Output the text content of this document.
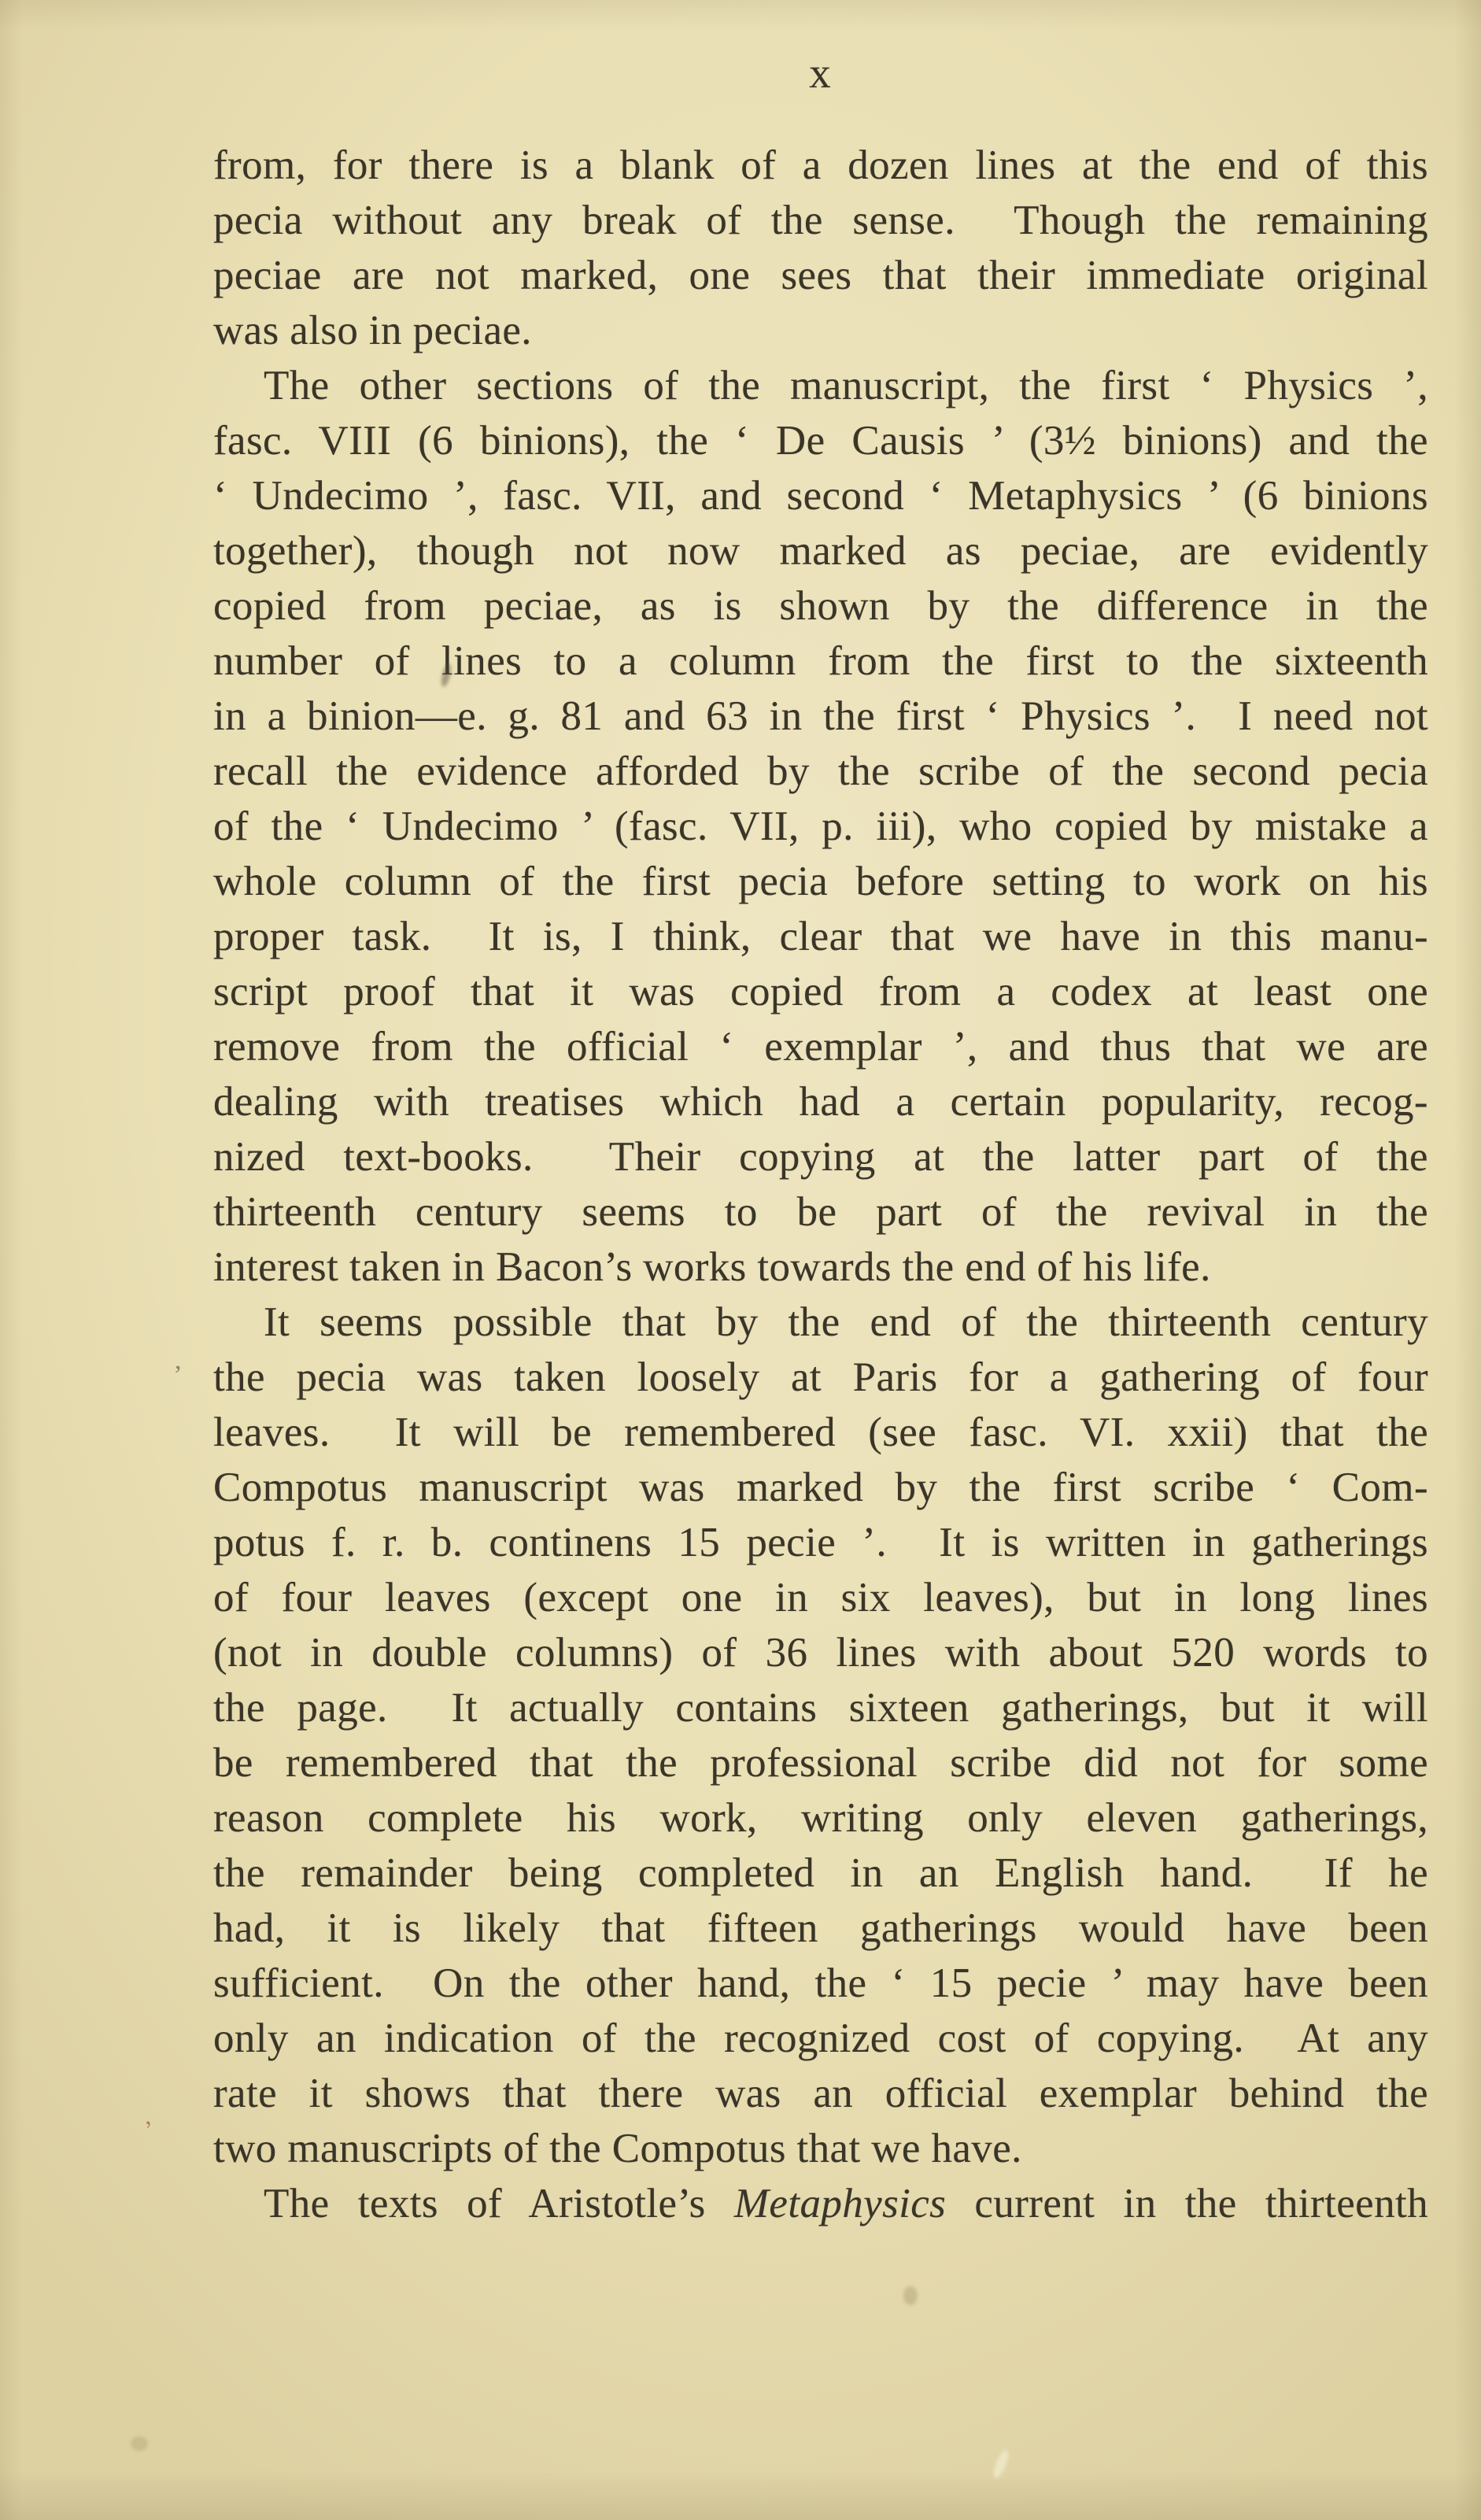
x
from, for there is a blank of a dozen lines at the end of this
pecia without any break of the sense.  Though the remaining
peciae are not marked, one sees that their immediate original
was also in peciae.
The other sections of the manuscript, the first ‘ Physics ’,
fasc. VIII (6 binions), the ‘ De Causis ’ (3½ binions) and the
‘ Undecimo ’, fasc. VII, and second ‘ Metaphysics ’ (6 binions
together), though not now marked as peciae, are evidently
copied from peciae, as is shown by the difference in the
number of lines to a column from the first to the sixteenth
in a binion—e. g. 81 and 63 in the first ‘ Physics ’.  I need not
recall the evidence afforded by the scribe of the second pecia
of the ‘ Undecimo ’ (fasc. VII, p. iii), who copied by mistake a
whole column of the first pecia before setting to work on his
proper task.  It is, I think, clear that we have in this manu-
script proof that it was copied from a codex at least one
remove from the official ‘ exemplar ’, and thus that we are
dealing with treatises which had a certain popularity, recog-
nized text-books.  Their copying at the latter part of the
thirteenth century seems to be part of the revival in the
interest taken in Bacon’s works towards the end of his life.
It seems possible that by the end of the thirteenth century
the pecia was taken loosely at Paris for a gathering of four
leaves.  It will be remembered (see fasc. VI. xxii) that the
Compotus manuscript was marked by the first scribe ‘ Com-
potus f. r. b. continens 15 pecie ’.  It is written in gatherings
of four leaves (except one in six leaves), but in long lines
(not in double columns) of 36 lines with about 520 words to
the page.  It actually contains sixteen gatherings, but it will
be remembered that the professional scribe did not for some
reason complete his work, writing only eleven gatherings,
the remainder being completed in an English hand.  If he
had, it is likely that fifteen gatherings would have been
sufficient.  On the other hand, the ‘ 15 pecie ’ may have been
only an indication of the recognized cost of copying.  At any
rate it shows that there was an official exemplar behind the
two manuscripts of the Compotus that we have.
The texts of Aristotle’s Metaphysics current in the thirteenth
,
,
